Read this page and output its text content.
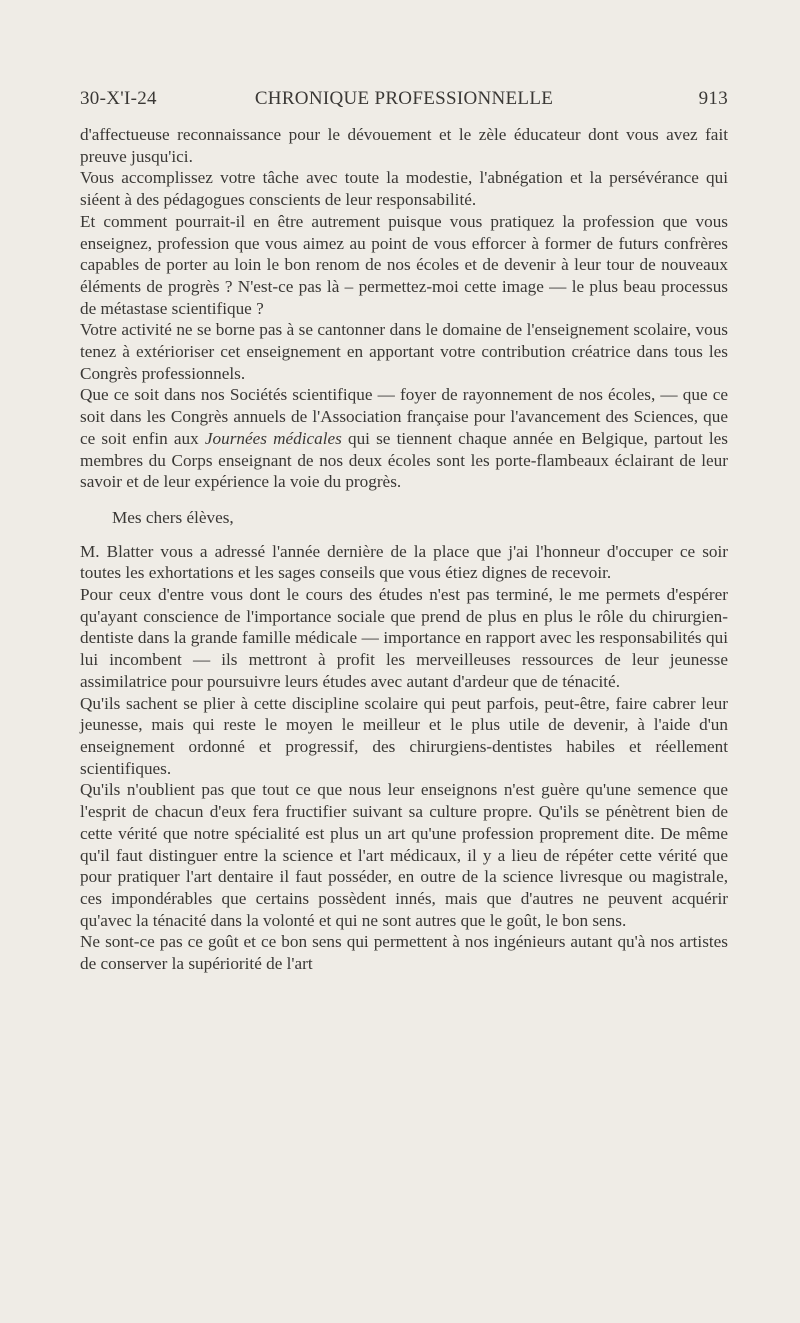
30-X'I-24	CHRONIQUE PROFESSIONNELLE	913

d'affectueuse reconnaissance pour le dévouement et le zèle éducateur dont vous avez fait preuve jusqu'ici.

Vous accomplissez votre tâche avec toute la modestie, l'abnégation et la persévérance qui siéent à des pédagogues conscients de leur responsabilité.

Et comment pourrait-il en être autrement puisque vous pratiquez la profession que vous enseignez, profession que vous aimez au point de vous efforcer à former de futurs confrères capables de porter au loin le bon renom de nos écoles et de devenir à leur tour de nouveaux éléments de progrès ? N'est-ce pas là – permettez-moi cette image — le plus beau processus de métastase scientifique ?

Votre activité ne se borne pas à se cantonner dans le domaine de l'enseignement scolaire, vous tenez à extérioriser cet enseignement en apportant votre contribution créatrice dans tous les Congrès professionnels.

Que ce soit dans nos Sociétés scientifique — foyer de rayonnement de nos écoles, — que ce soit dans les Congrès annuels de l'Association française pour l'avancement des Sciences, que ce soit enfin aux Journées médicales qui se tiennent chaque année en Belgique, partout les membres du Corps enseignant de nos deux écoles sont les porte-flambeaux éclairant de leur savoir et de leur expérience la voie du progrès.

Mes chers élèves,

M. Blatter vous a adressé l'année dernière de la place que j'ai l'honneur d'occuper ce soir toutes les exhortations et les sages conseils que vous étiez dignes de recevoir.

Pour ceux d'entre vous dont le cours des études n'est pas terminé, le me permets d'espérer qu'ayant conscience de l'importance sociale que prend de plus en plus le rôle du chirurgien-dentiste dans la grande famille médicale — importance en rapport avec les responsabilités qui lui incombent — ils mettront à profit les merveilleuses ressources de leur jeunesse assimilatrice pour poursuivre leurs études avec autant d'ardeur que de ténacité.

Qu'ils sachent se plier à cette discipline scolaire qui peut parfois, peut-être, faire cabrer leur jeunesse, mais qui reste le moyen le meilleur et le plus utile de devenir, à l'aide d'un enseignement ordonné et progressif, des chirurgiens-dentistes habiles et réellement scientifiques.

Qu'ils n'oublient pas que tout ce que nous leur enseignons n'est guère qu'une semence que l'esprit de chacun d'eux fera fructifier suivant sa culture propre. Qu'ils se pénètrent bien de cette vérité que notre spécialité est plus un art qu'une profession proprement dite. De même qu'il faut distinguer entre la science et l'art médicaux, il y a lieu de répéter cette vérité que pour pratiquer l'art dentaire il faut posséder, en outre de la science livresque ou magistrale, ces impondérables que certains possèdent innés, mais que d'autres ne peuvent acquérir qu'avec la ténacité dans la volonté et qui ne sont autres que le goût, le bon sens.

Ne sont-ce pas ce goût et ce bon sens qui permettent à nos ingénieurs autant qu'à nos artistes de conserver la supériorité de l'art
